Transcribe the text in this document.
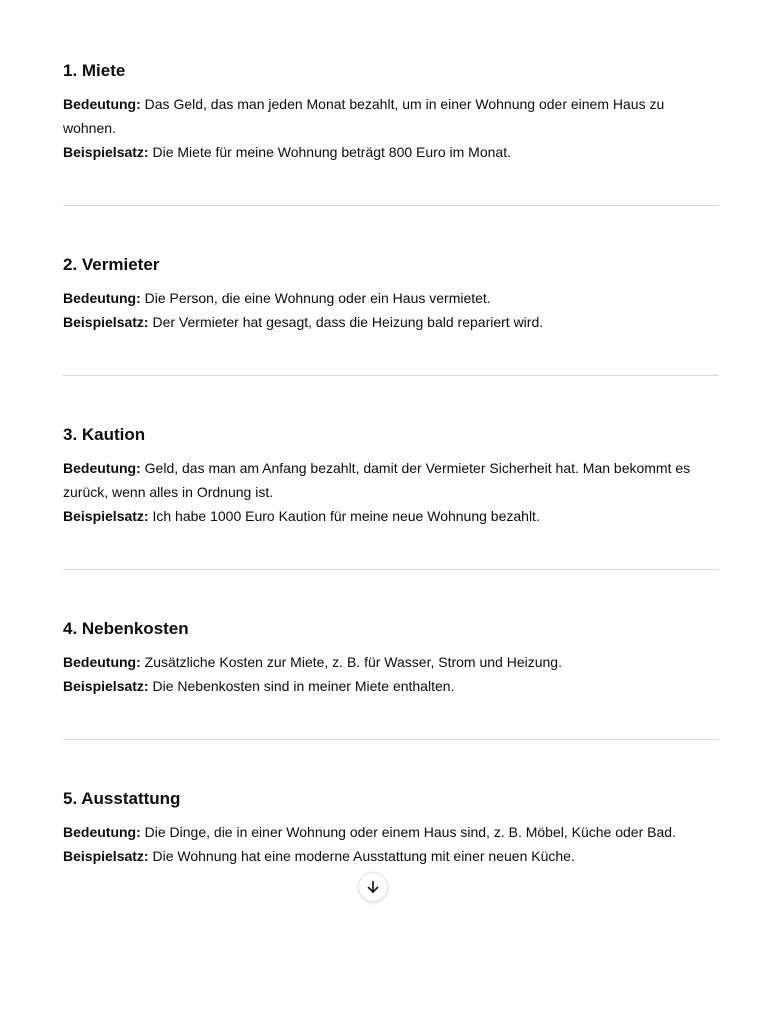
1. Miete

Bedeutung: Das Geld, das man jeden Monat bezahlt, um in einer Wohnung oder einem Haus zu wohnen.

Beispielsatz: Die Miete für meine Wohnung beträgt 800 Euro im Monat.

2. Vermieter

Bedeutung: Die Person, die eine Wohnung oder ein Haus vermietet.

Beispielsatz: Der Vermieter hat gesagt, dass die Heizung bald repariert wird.

3. Kaution

Bedeutung: Geld, das man am Anfang bezahlt, damit der Vermieter Sicherheit hat. Man bekommt es zurück, wenn alles in Ordnung ist.

Beispielsatz: Ich habe 1000 Euro Kaution für meine neue Wohnung bezahlt.

4. Nebenkosten

Bedeutung: Zusätzliche Kosten zur Miete, z. B. für Wasser, Strom und Heizung.

Beispielsatz: Die Nebenkosten sind in meiner Miete enthalten.

5. Ausstattung

Bedeutung: Die Dinge, die in einer Wohnung oder einem Haus sind, z. B. Möbel, Küche oder Bad.

Beispielsatz: Die Wohnung hat eine moderne Ausstattung mit einer neuen Küche.
